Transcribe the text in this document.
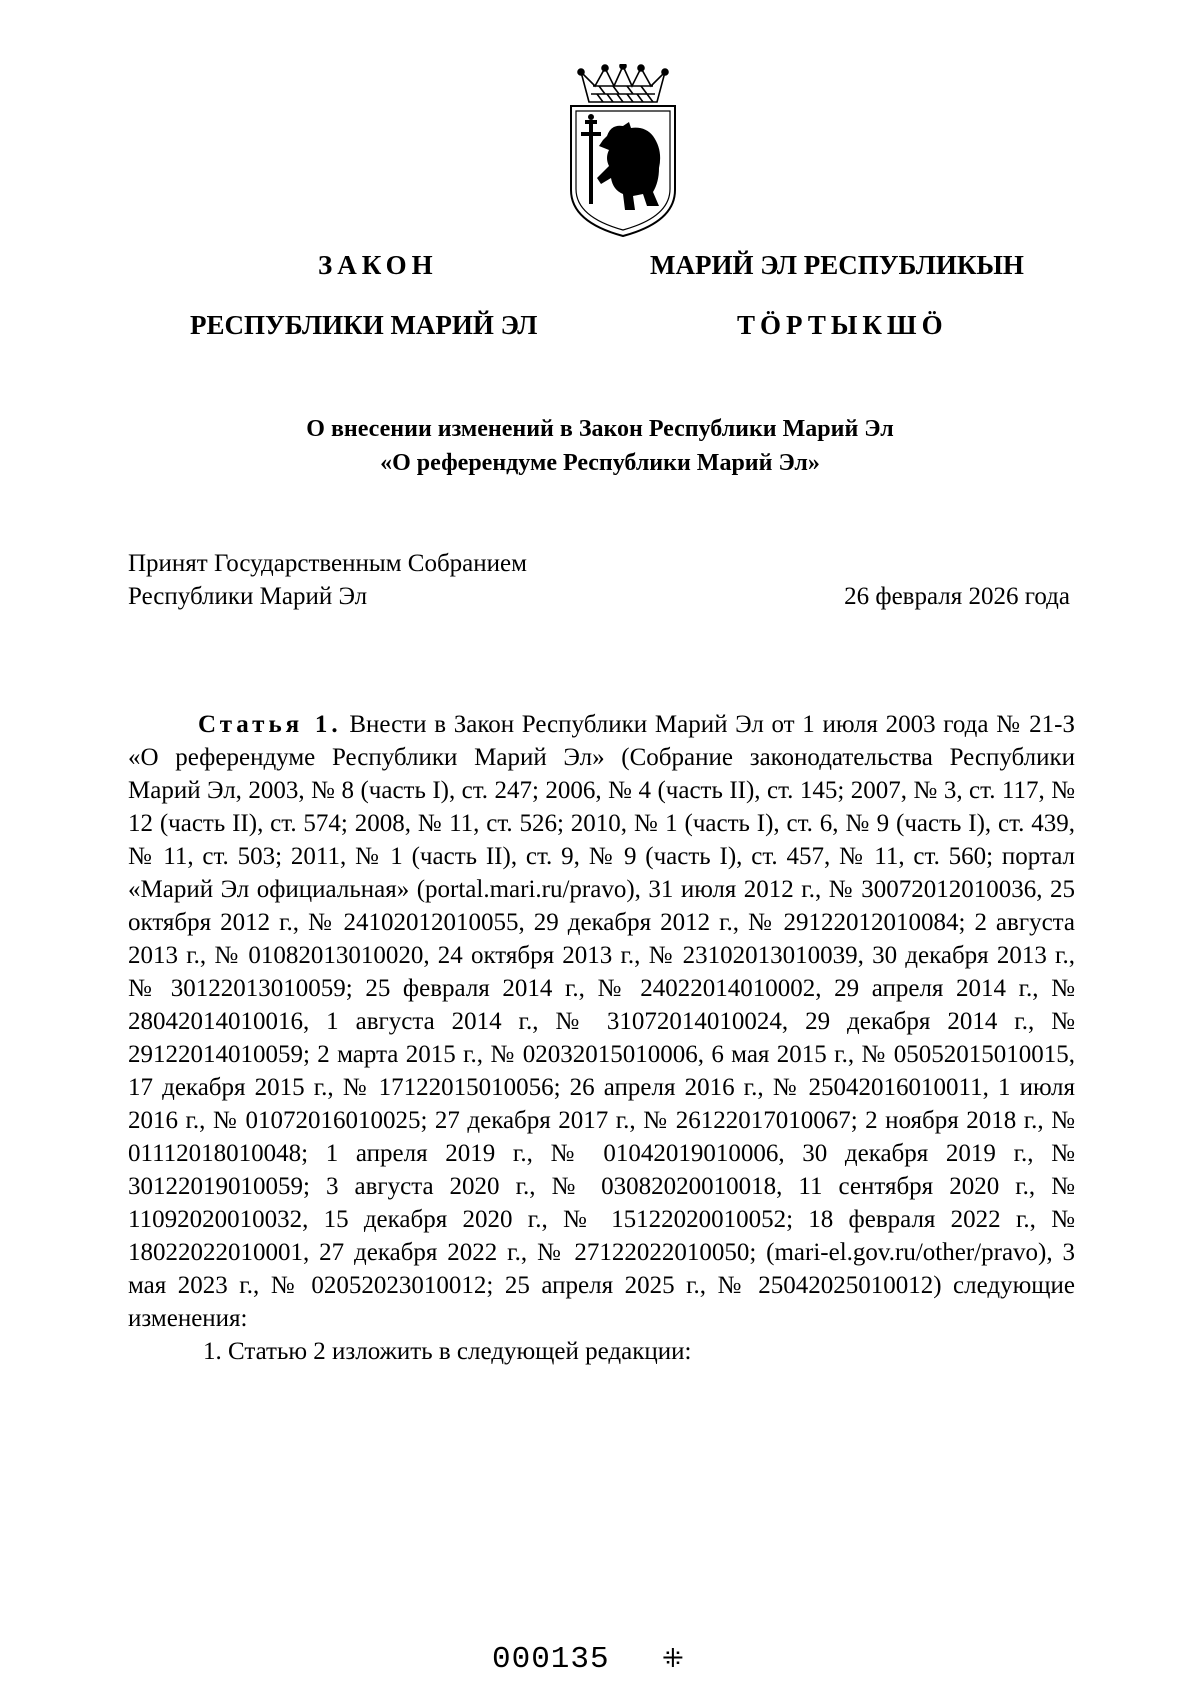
ЗАКОН	МАРИЙ ЭЛ РЕСПУБЛИКЫН
РЕСПУБЛИКИ МАРИЙ ЭЛ	ТӦРТЫКШӦ
О внесении изменений в Закон Республики Марий Эл
«О референдуме Республики Марий Эл»
Принят Государственным Собранием
Республики Марий Эл	26 февраля 2026 года

Статья 1. Внести в Закон Республики Марий Эл от 1 июля 2003 года № 21-З «О референдуме Республики Марий Эл» (Собрание законодательства Республики Марий Эл, 2003, № 8 (часть I), ст. 247; 2006, № 4 (часть II), ст. 145; 2007, № 3, ст. 117, № 12 (часть II), ст. 574; 2008, № 11, ст. 526; 2010, № 1 (часть I), ст. 6, № 9 (часть I), ст. 439, № 11, ст. 503; 2011, № 1 (часть II), ст. 9, № 9 (часть I), ст. 457, № 11, ст. 560; портал «Марий Эл официальная» (portal.mari.ru/pravo), 31 июля 2012 г., № 30072012010036, 25 октября 2012 г., № 24102012010055, 29 декабря 2012 г., № 29122012010084; 2 августа 2013 г., № 01082013010020, 24 октября 2013 г., № 23102013010039, 30 декабря 2013 г., № 30122013010059; 25 февраля 2014 г., № 24022014010002, 29 апреля 2014 г., № 28042014010016, 1 августа 2014 г., № 31072014010024, 29 декабря 2014 г., № 29122014010059; 2 марта 2015 г., № 02032015010006, 6 мая 2015 г., № 05052015010015, 17 декабря 2015 г., № 17122015010056; 26 апреля 2016 г., № 25042016010011, 1 июля 2016 г., № 01072016010025; 27 декабря 2017 г., № 26122017010067; 2 ноября 2018 г., № 01112018010048; 1 апреля 2019 г., № 01042019010006, 30 декабря 2019 г., № 30122019010059; 3 августа 2020 г., № 03082020010018, 11 сентября 2020 г., № 11092020010032, 15 декабря 2020 г., № 15122020010052; 18 февраля 2022 г., № 18022022010001, 27 декабря 2022 г., № 27122022010050; (mari-el.gov.ru/other/pravo), 3 мая 2023 г., № 02052023010012; 25 апреля 2025 г., № 25042025010012) следующие изменения:

1. Статью 2 изложить в следующей редакции:

000135 ⁜
